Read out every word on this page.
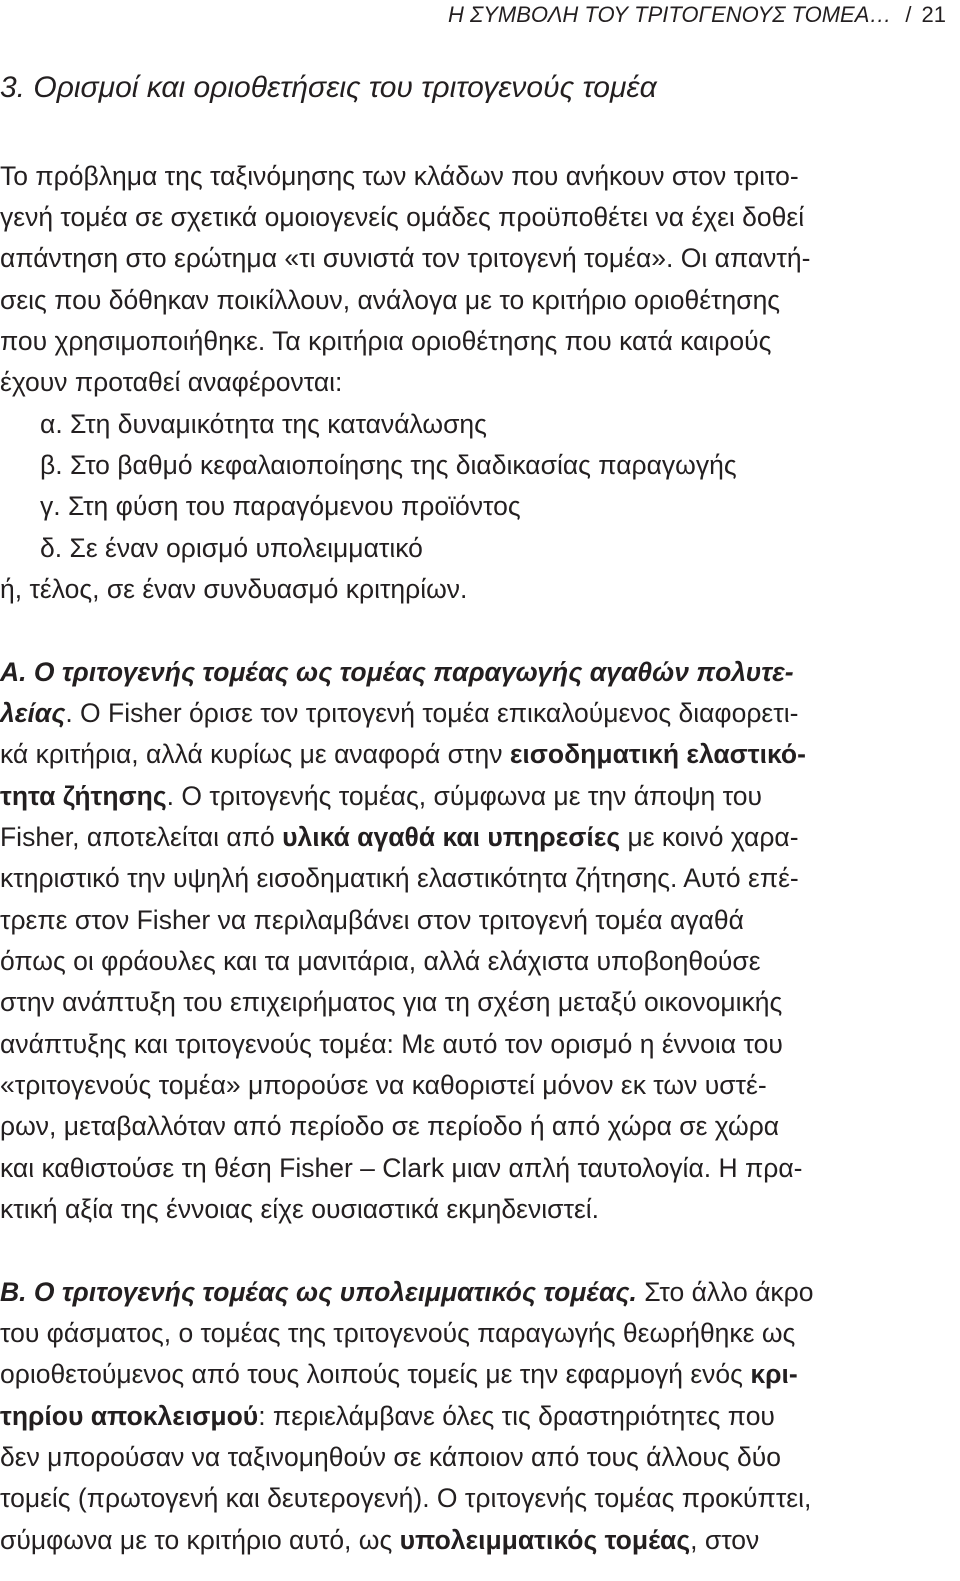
Η ΣΥΜΒΟΛΗ ΤΟΥ ΤΡΙΤΟΓΕΝΟΥΣ ΤΟΜΕΑ… / 21
3. Ορισμοί και οριοθετήσεις του τριτογενούς τομέα
Το πρόβλημα της ταξινόμησης των κλάδων που ανήκουν στον τριτο-
γενή τομέα σε σχετικά ομοιογενείς ομάδες προϋποθέτει να έχει δοθεί
απάντηση στο ερώτημα «τι συνιστά τον τριτογενή τομέα». Οι απαντή-
σεις που δόθηκαν ποικίλλουν, ανάλογα με το κριτήριο οριοθέτησης
που χρησιμοποιήθηκε. Τα κριτήρια οριοθέτησης που κατά καιρούς
έχουν προταθεί αναφέρονται:
α. Στη δυναμικότητα της κατανάλωσης
β. Στο βαθμό κεφαλαιοποίησης της διαδικασίας παραγωγής
γ. Στη φύση του παραγόμενου προϊόντος
δ. Σε έναν ορισμό υπολειμματικό
ή, τέλος, σε έναν συνδυασμό κριτηρίων.
Α. Ο τριτογενής τομέας ως τομέας παραγωγής αγαθών πολυτε-
λείας. Ο Fisher όρισε τον τριτογενή τομέα επικαλούμενος διαφορετι-
κά κριτήρια, αλλά κυρίως με αναφορά στην εισοδηματική ελαστικό-
τητα ζήτησης. Ο τριτογενής τομέας, σύμφωνα με την άποψη του
Fisher, αποτελείται από υλικά αγαθά και υπηρεσίες με κοινό χαρα-
κτηριστικό την υψηλή εισοδηματική ελαστικότητα ζήτησης. Αυτό επέ-
τρεπε στον Fisher να περιλαμβάνει στον τριτογενή τομέα αγαθά
όπως οι φράουλες και τα μανιτάρια, αλλά ελάχιστα υποβοηθούσε
στην ανάπτυξη του επιχειρήματος για τη σχέση μεταξύ οικονομικής
ανάπτυξης και τριτογενούς τομέα: Με αυτό τον ορισμό η έννοια του
«τριτογενούς τομέα» μπορούσε να καθοριστεί μόνον εκ των υστέ-
ρων, μεταβαλλόταν από περίοδο σε περίοδο ή από χώρα σε χώρα
και καθιστούσε τη θέση Fisher – Clark μιαν απλή ταυτολογία. Η πρα-
κτική αξία της έννοιας είχε ουσιαστικά εκμηδενιστεί.
Β. Ο τριτογενής τομέας ως υπολειμματικός τομέας. Στο άλλο άκρο
του φάσματος, ο τομέας της τριτογενούς παραγωγής θεωρήθηκε ως
οριοθετούμενος από τους λοιπούς τομείς με την εφαρμογή ενός κρι-
τηρίου αποκλεισμού: περιελάμβανε όλες τις δραστηριότητες που
δεν μπορούσαν να ταξινομηθούν σε κάποιον από τους άλλους δύο
τομείς (πρωτογενή και δευτερογενή). Ο τριτογενής τομέας προκύπτει,
σύμφωνα με το κριτήριο αυτό, ως υπολειμματικός τομέας, στον
